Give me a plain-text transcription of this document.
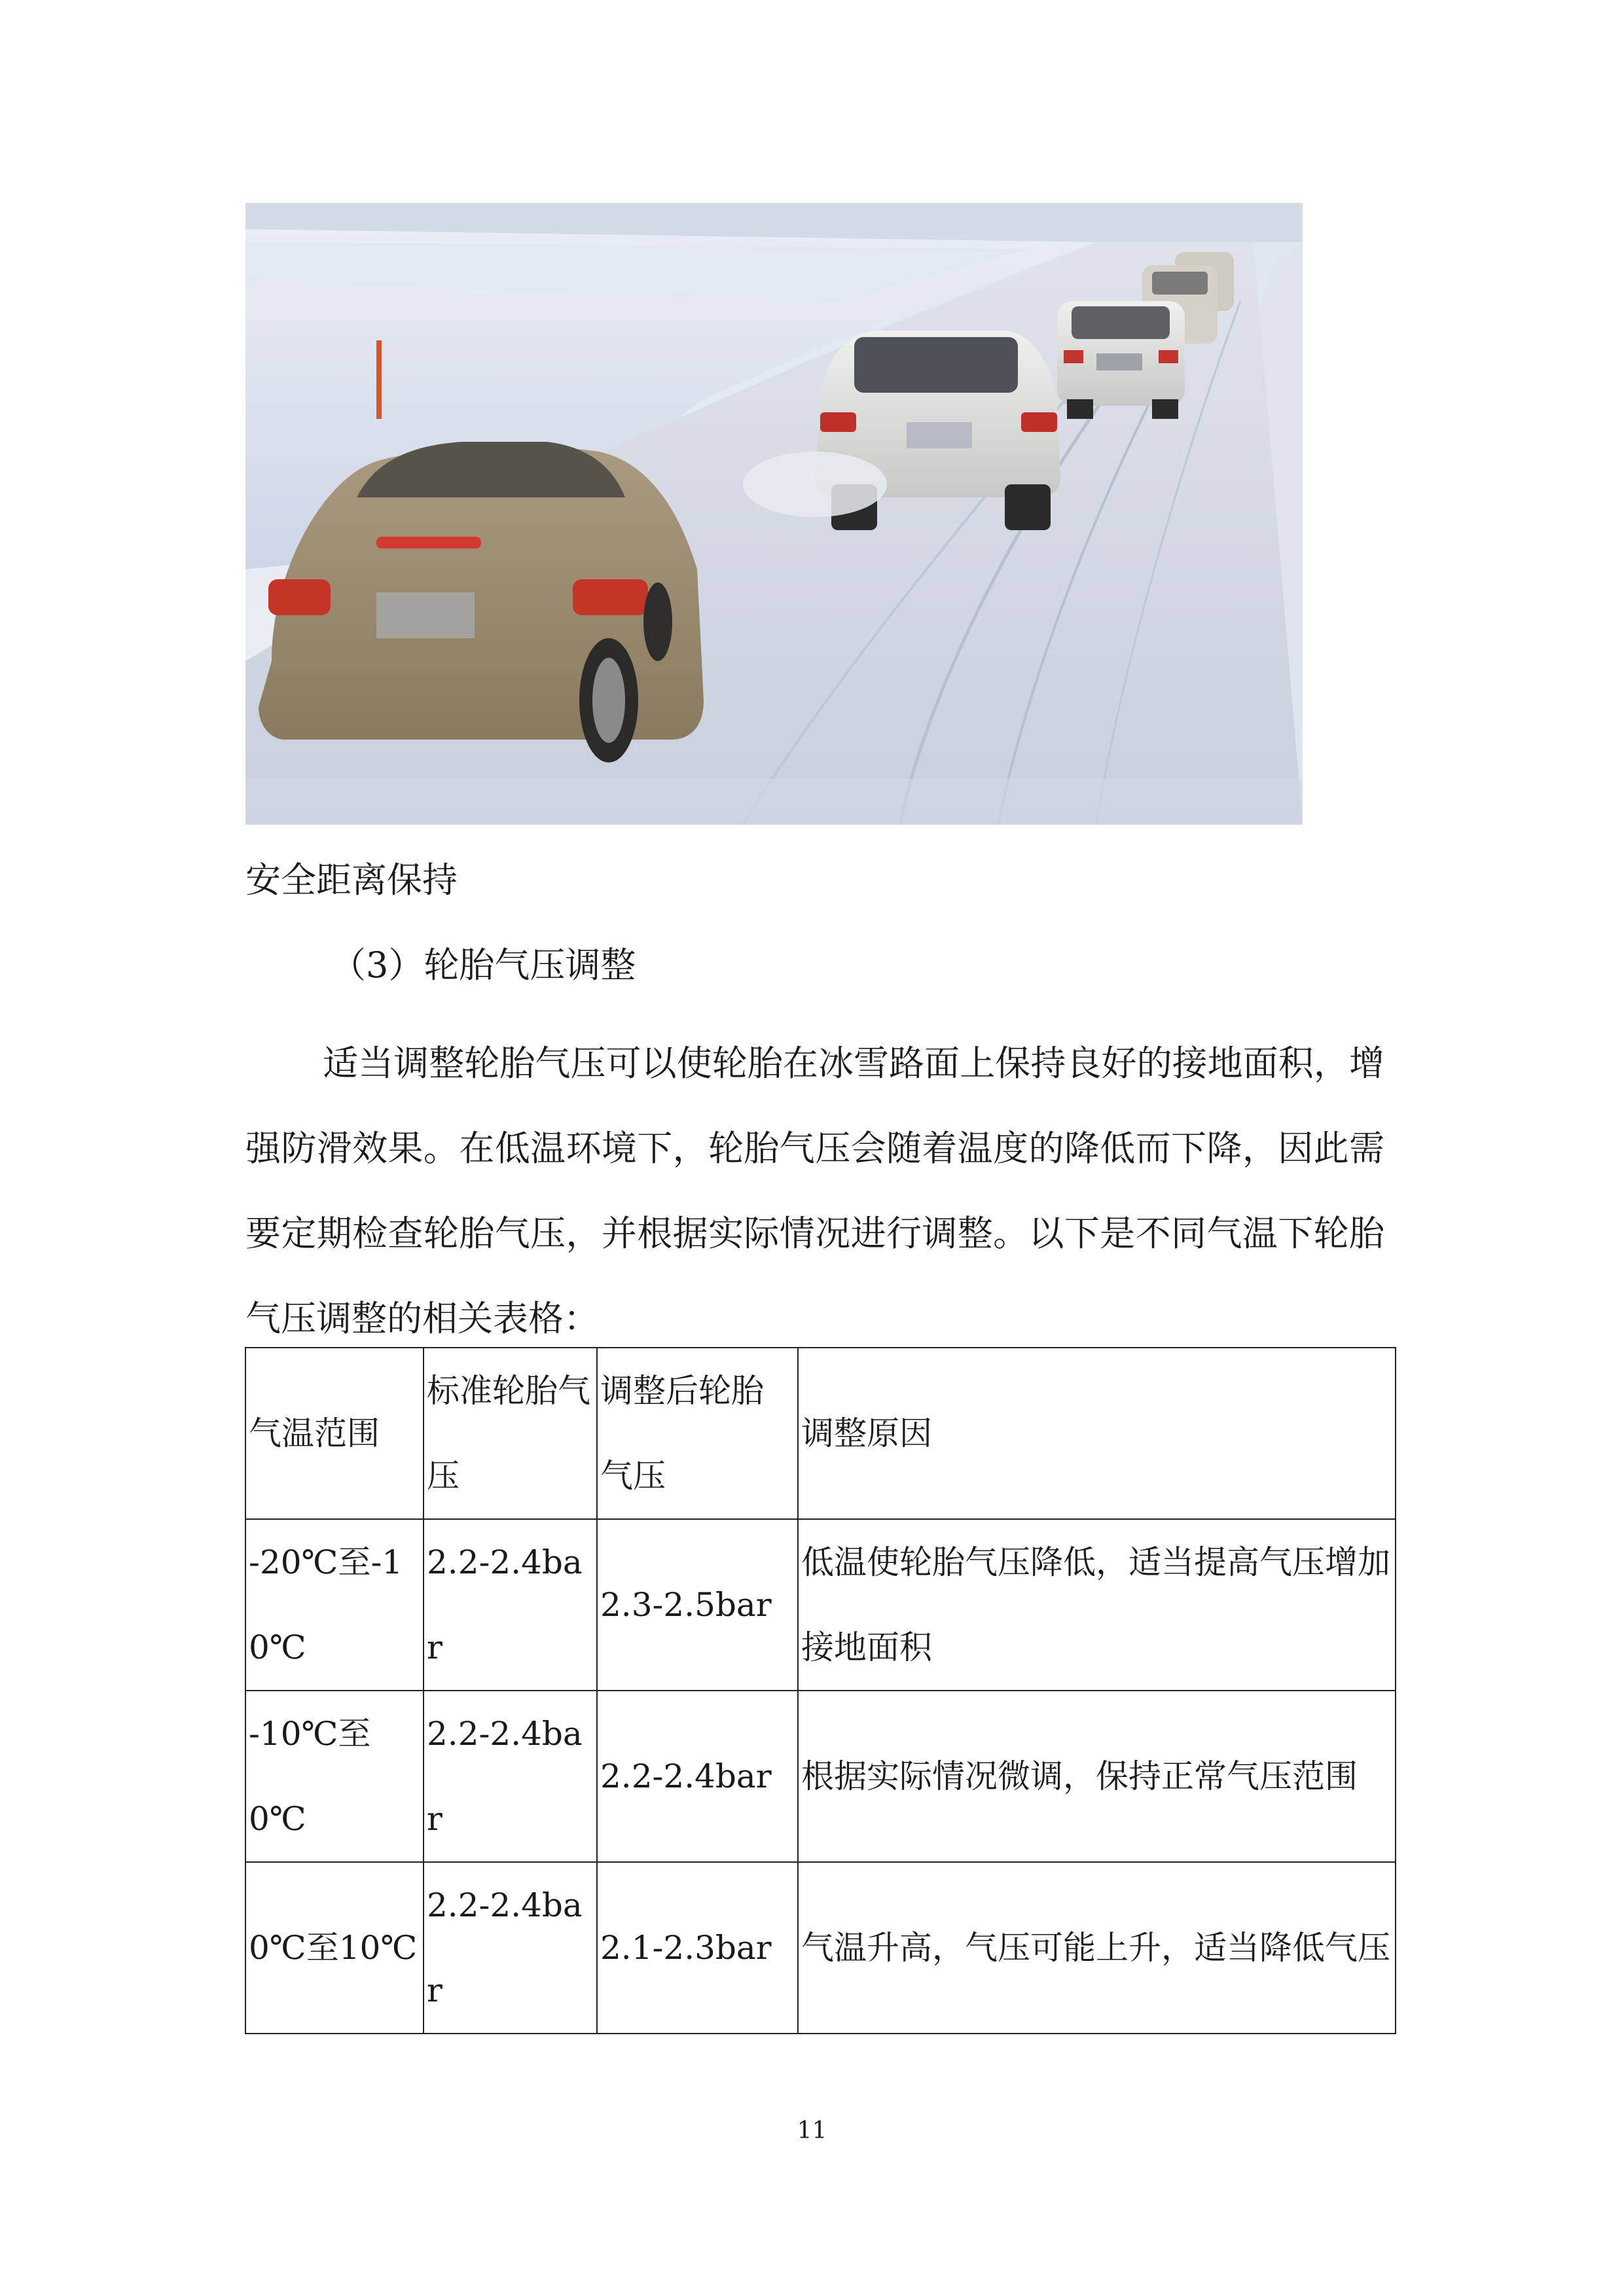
安全距离保持
（3）轮胎气压调整

适当调整轮胎气压可以使轮胎在冰雪路面上保持良好的接地面积，增强防滑效果。在低温环境下，轮胎气压会随着温度的降低而下降，因此需要定期检查轮胎气压，并根据实际情况进行调整。以下是不同气温下轮胎气压调整的相关表格：

气温范围	标准轮胎气压	调整后轮胎气压	调整原因
-20℃至-10℃	2.2-2.4bar	2.3-2.5bar	低温使轮胎气压降低，适当提高气压增加接地面积
-10℃至0℃	2.2-2.4bar	2.2-2.4bar	根据实际情况微调，保持正常气压范围
0℃至10℃	2.2-2.4bar	2.1-2.3bar	气温升高，气压可能上升，适当降低气压
11
